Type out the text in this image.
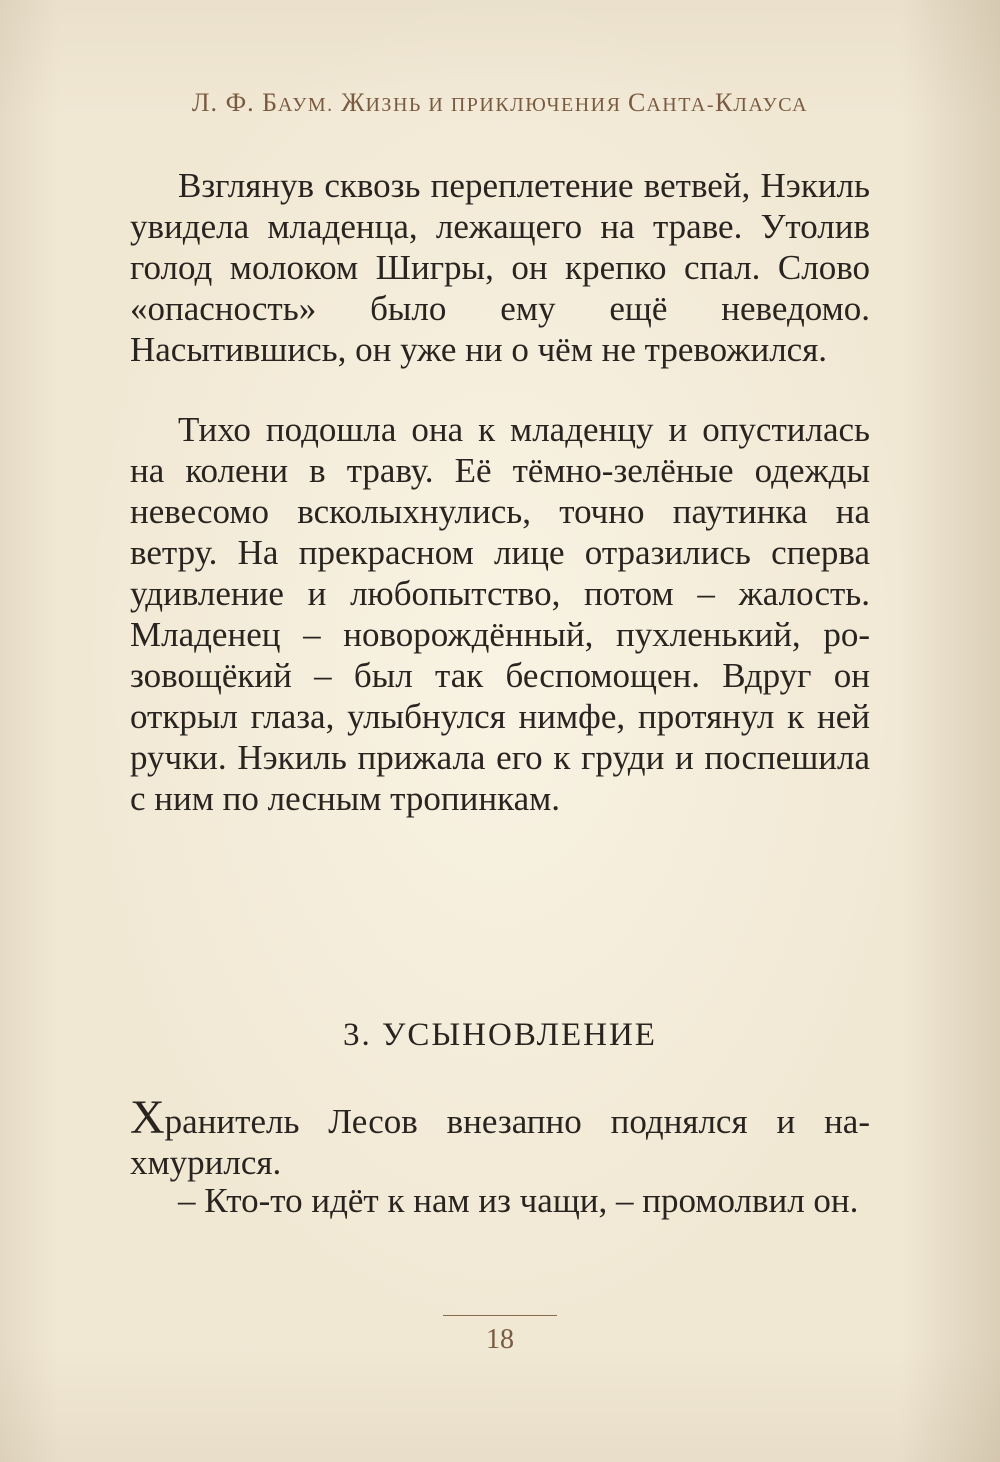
Л. Ф. БАУМ. ЖИЗНЬ И ПРИКЛЮЧЕНИЯ САНТА-КЛАУСА

Взглянув сквозь переплетение ветвей, Нэкиль увидела младенца, лежащего на траве. Утолив голод молоком Шигры, он крепко спал. Слово «опасность» было ему ещё неведомо. Насытившись, он уже ни о чём не тревожился.

Тихо подошла она к младенцу и опустилась на колени в траву. Её тёмно-зелёные одежды невесомо всколыхнулись, точно паутинка на ветру. На прекрасном лице отразились сперва удивление и любопытство, потом – жалость. Младенец – новорождённый, пухленький, розовощёкий – был так беспомощен. Вдруг он открыл глаза, улыбнулся нимфе, протянул к ней ручки. Нэкиль прижала его к груди и поспешила с ним по лесным тропинкам.

3. УСЫНОВЛЕНИЕ

Хранитель Лесов внезапно поднялся и нахмурился.

– Кто-то идёт к нам из чащи, – промолвил он.

18
